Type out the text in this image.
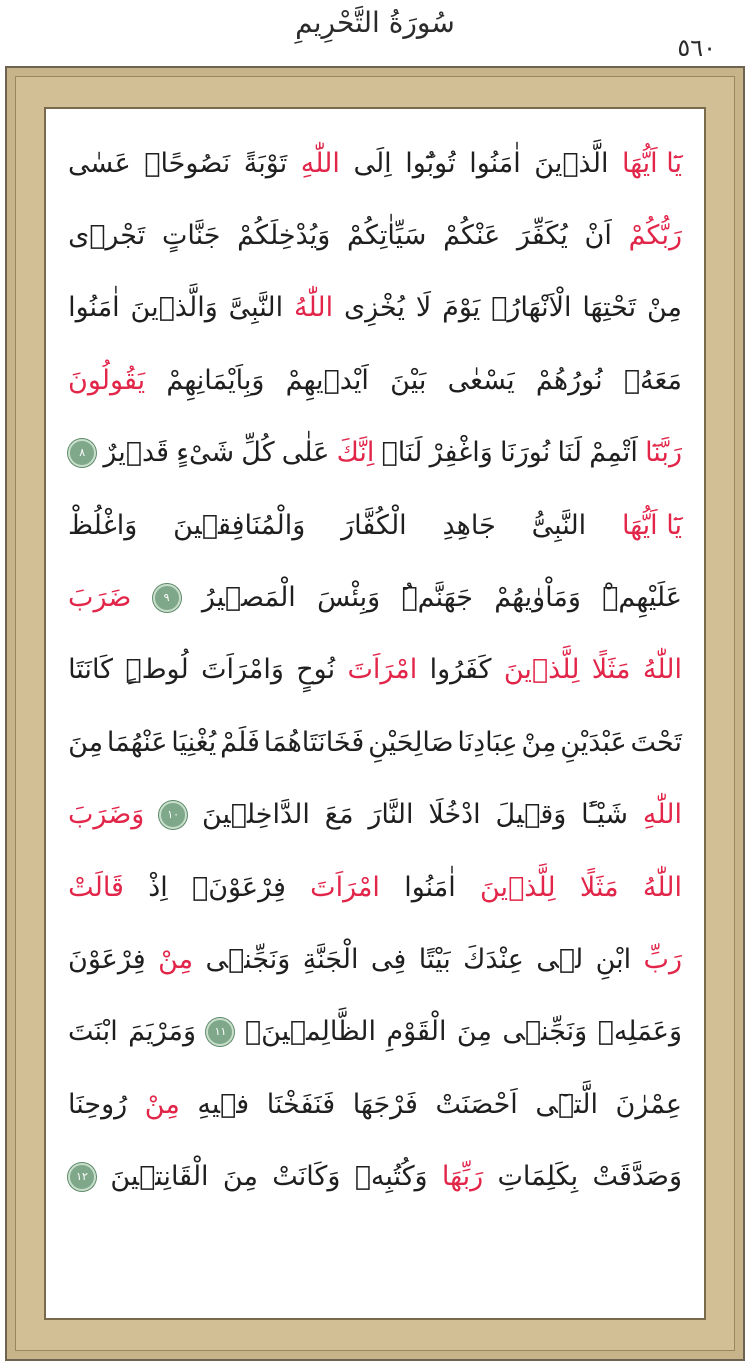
سُورَةُ التَّحْرِيمِ
٥٦٠
يَٓا اَيُّهَا
الَّذٖينَ
اٰمَنُوا
تُوبُٓوا
اِلَى
اللّٰهِ
تَوْبَةً
نَصُوحًاۜ
عَسٰى
رَبُّكُمْ
اَنْ
يُكَفِّرَ
عَنْكُمْ
سَيِّاٰتِكُمْ
وَيُدْخِلَكُمْ
جَنَّاتٍ
تَجْرٖى
مِنْ
تَحْتِهَا
الْاَنْهَارُۙ
يَوْمَ
لَا
يُخْزِى
اللّٰهُ
النَّبِىَّ
وَالَّذٖينَ
اٰمَنُوا
مَعَهُۚ
نُورُهُمْ
يَسْعٰى
بَيْنَ
اَيْدٖيهِمْ
وَبِاَيْمَانِهِمْ
يَقُولُونَ
رَبَّنَٓا
اَتْمِمْ
لَنَا
نُورَنَا
وَاغْفِرْ
لَنَاۚ
اِنَّكَ
عَلٰى
كُلِّ
شَیْءٍ
قَدٖيرٌ
٨
يَٓا اَيُّهَا
النَّبِىُّ
جَاهِدِ
الْكُفَّارَ
وَالْمُنَافِقٖينَ
وَاغْلُظْ
عَلَيْهِمْۜ
وَمَاْوٰيهُمْ
جَهَنَّمُۜ
وَبِئْسَ
الْمَصٖيرُ
٩
ضَرَبَ
اللّٰهُ
مَثَلًا
لِلَّذٖينَ
كَفَرُوا
امْرَاَتَ
نُوحٍ
وَامْرَاَتَ
لُوطٍۜ
كَانَتَا
تَحْتَ
عَبْدَيْنِ
مِنْ
عِبَادِنَا
صَالِحَيْنِ
فَخَانَتَاهُمَا
فَلَمْ
يُغْنِيَا
عَنْهُمَا
مِنَ
اللّٰهِ
شَيْـًٔا
وَقٖيلَ
ادْخُلَا
النَّارَ
مَعَ
الدَّاخِلٖينَ
١٠
وَضَرَبَ
اللّٰهُ
مَثَلًا
لِلَّذٖينَ
اٰمَنُوا
امْرَاَتَ
فِرْعَوْنَۢ
اِذْ
قَالَتْ
رَبِّ
ابْنِ
لٖى
عِنْدَكَ
بَيْتًا
فِى
الْجَنَّةِ
وَنَجِّنٖى
مِنْ
فِرْعَوْنَ
وَعَمَلِهٖ
وَنَجِّنٖى
مِنَ
الْقَوْمِ
الظَّالِمٖينَۙ
١١
وَمَرْيَمَ
ابْنَتَ
عِمْرٰنَ
الَّتٖٓى
اَحْصَنَتْ
فَرْجَهَا
فَنَفَخْنَا
فٖيهِ
مِنْ
رُوحِنَا
وَصَدَّقَتْ
بِكَلِمَاتِ
رَبِّهَا
وَكُتُبِهٖ
وَكَانَتْ
مِنَ
الْقَانِتٖينَ
١٢
